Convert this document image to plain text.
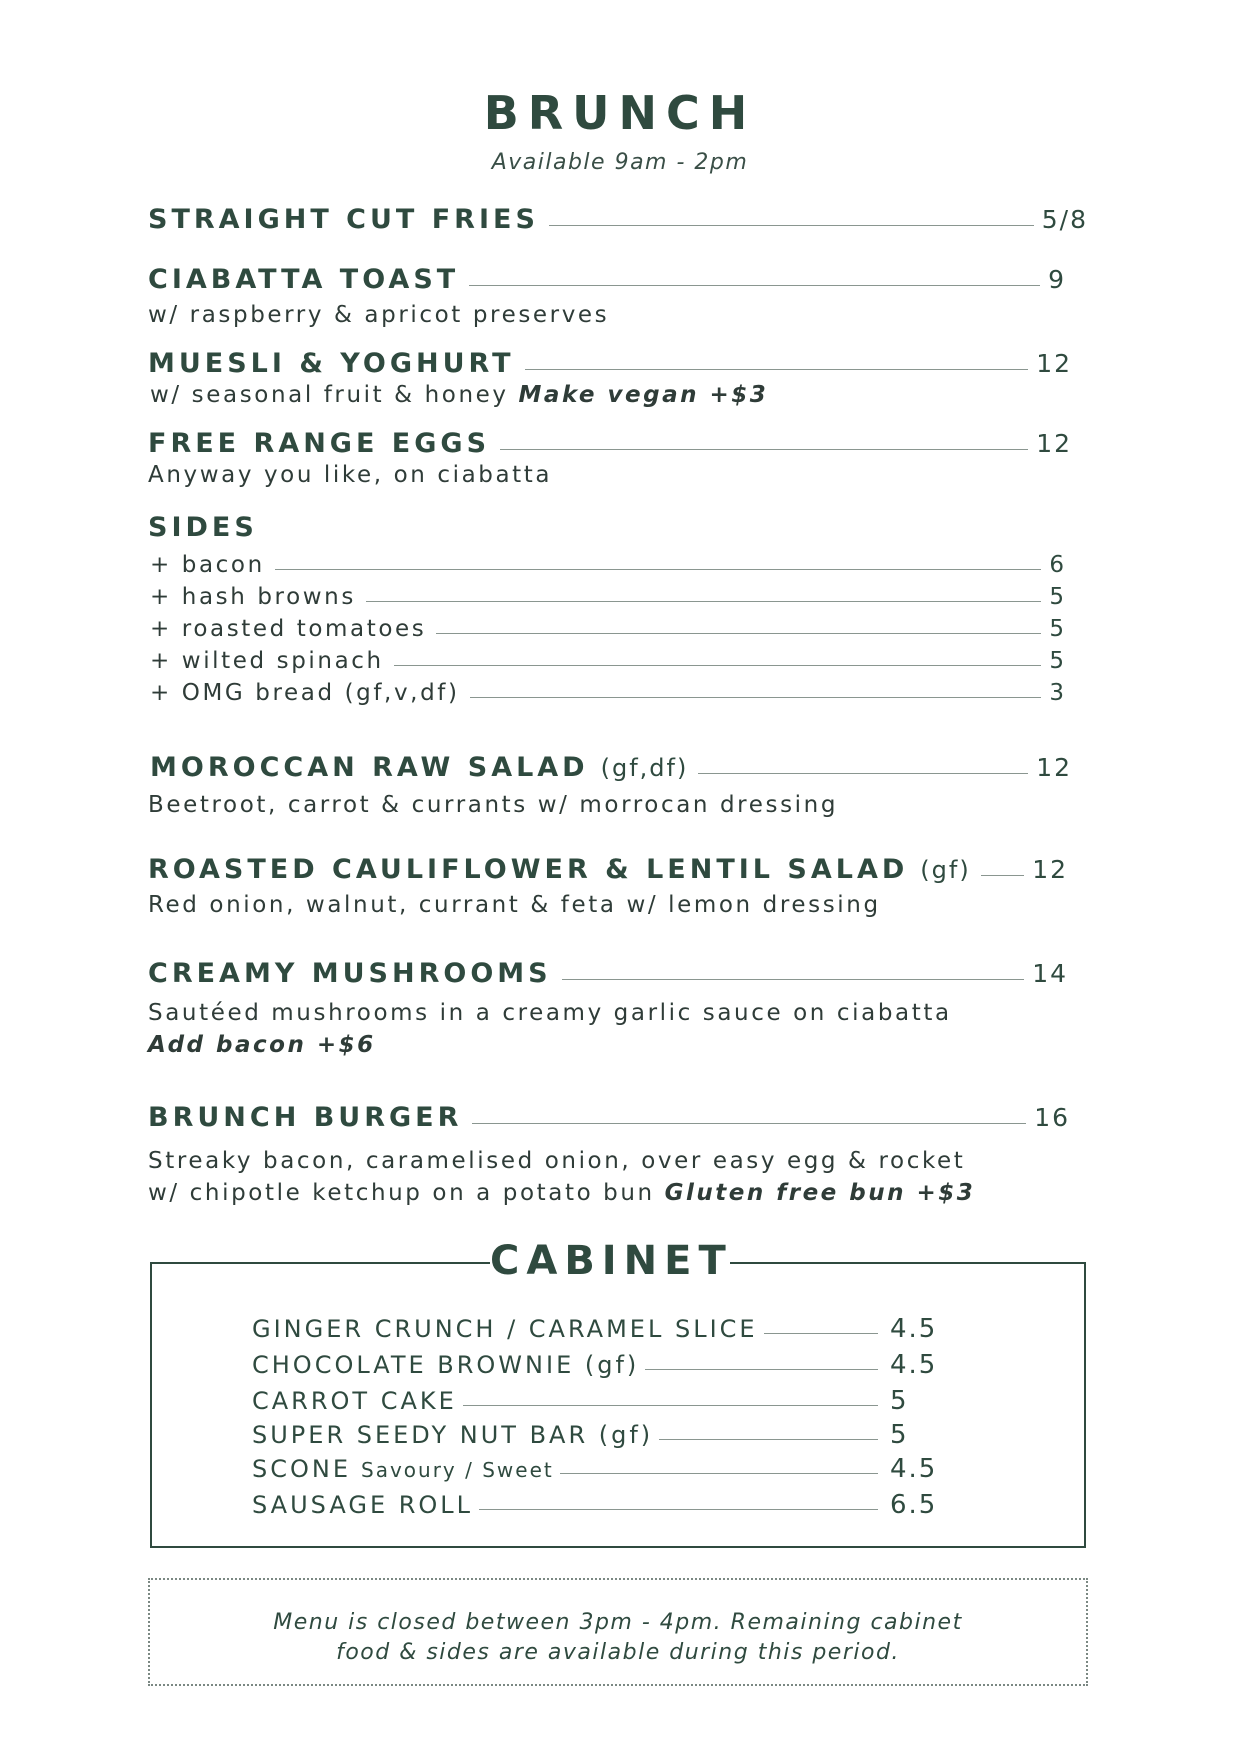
BRUNCH
Available 9am - 2pm
STRAIGHT CUT FRIES	5/8
CIABATTA TOAST	9
w/ raspberry & apricot preserves
MUESLI & YOGHURT	12
w/ seasonal fruit & honey Make vegan +$3
FREE RANGE EGGS	12
Anyway you like, on ciabatta
SIDES
+ bacon	6
+ hash browns	5
+ roasted tomatoes	5
+ wilted spinach	5
+ OMG bread (gf,v,df)	3
MOROCCAN RAW SALAD (gf,df)	12
Beetroot, carrot & currants w/ morrocan dressing
ROASTED CAULIFLOWER & LENTIL SALAD (gf) 12
Red onion, walnut, currant & feta w/ lemon dressing
CREAMY MUSHROOMS	14
Sautéed mushrooms in a creamy garlic sauce on ciabatta
Add bacon +$6
BRUNCH BURGER	16
Streaky bacon, caramelised onion, over easy egg & rocket
w/ chipotle ketchup on a potato bun Gluten free bun +$3
CABINET
GINGER CRUNCH / CARAMEL SLICE	4.5
CHOCOLATE BROWNIE (gf)	4.5
CARROT CAKE	5
SUPER SEEDY NUT BAR (gf)	5
SCONE Savoury / Sweet	4.5
SAUSAGE ROLL	6.5
Menu is closed between 3pm - 4pm. Remaining cabinet
food & sides are available during this period.
